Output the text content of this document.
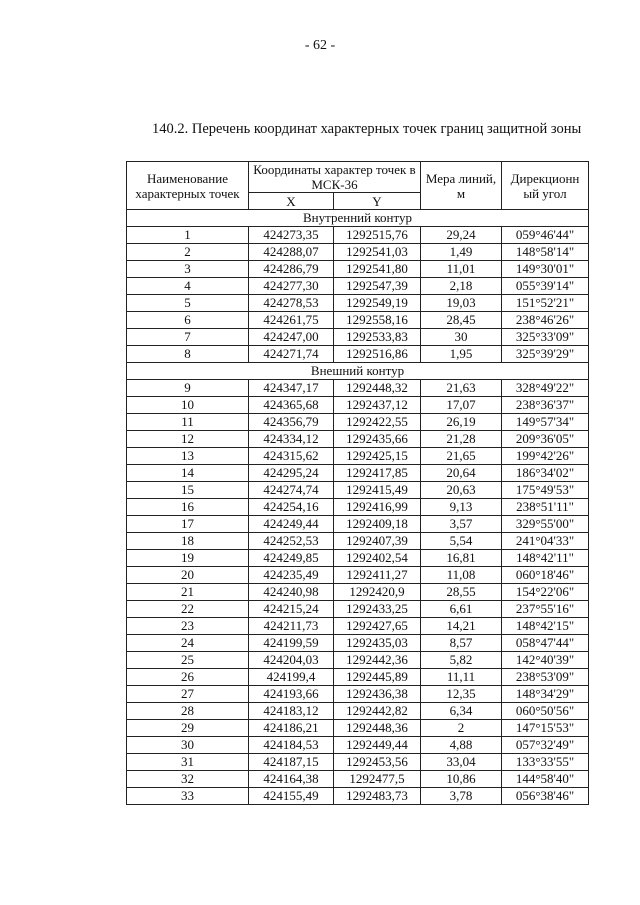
- 62 -
140.2. Перечень координат характерных точек границ защитной зоны
Наименование характерных точек	Координаты характер точек в МСК-36		Мера линий, м	Дирекционн ый угол
	X	Y		
Внутренний контур				
1	424273,35	1292515,76	29,24	059°46'44"
2	424288,07	1292541,03	1,49	148°58'14"
3	424286,79	1292541,80	11,01	149°30'01"
4	424277,30	1292547,39	2,18	055°39'14"
5	424278,53	1292549,19	19,03	151°52'21"
6	424261,75	1292558,16	28,45	238°46'26"
7	424247,00	1292533,83	30	325°33'09"
8	424271,74	1292516,86	1,95	325°39'29"
Внешний контур				
9	424347,17	1292448,32	21,63	328°49'22"
10	424365,68	1292437,12	17,07	238°36'37"
11	424356,79	1292422,55	26,19	149°57'34"
12	424334,12	1292435,66	21,28	209°36'05"
13	424315,62	1292425,15	21,65	199°42'26"
14	424295,24	1292417,85	20,64	186°34'02"
15	424274,74	1292415,49	20,63	175°49'53"
16	424254,16	1292416,99	9,13	238°51'11"
17	424249,44	1292409,18	3,57	329°55'00"
18	424252,53	1292407,39	5,54	241°04'33"
19	424249,85	1292402,54	16,81	148°42'11"
20	424235,49	1292411,27	11,08	060°18'46"
21	424240,98	1292420,9	28,55	154°22'06"
22	424215,24	1292433,25	6,61	237°55'16"
23	424211,73	1292427,65	14,21	148°42'15"
24	424199,59	1292435,03	8,57	058°47'44"
25	424204,03	1292442,36	5,82	142°40'39"
26	424199,4	1292445,89	11,11	238°53'09"
27	424193,66	1292436,38	12,35	148°34'29"
28	424183,12	1292442,82	6,34	060°50'56"
29	424186,21	1292448,36	2	147°15'53"
30	424184,53	1292449,44	4,88	057°32'49"
31	424187,15	1292453,56	33,04	133°33'55"
32	424164,38	1292477,5	10,86	144°58'40"
33	424155,49	1292483,73	3,78	056°38'46"
